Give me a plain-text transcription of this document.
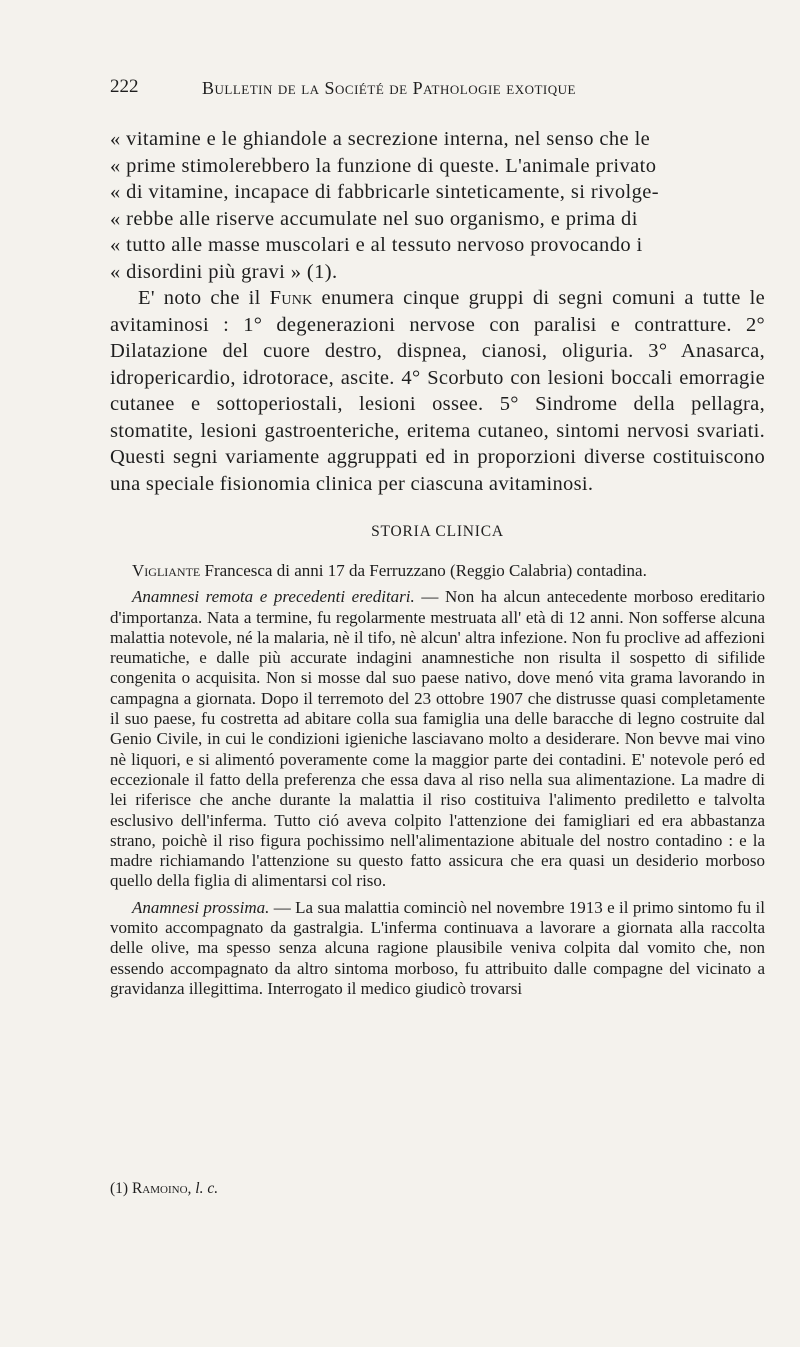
222	Bulletin de la Société de Pathologie exotique
« vitamine e le ghiandole a secrezione interna, nel senso che le
« prime stimolerebbero la funzione di queste. L'animale privato
« di vitamine, incapace di fabbricarle sinteticamente, si rivolge-
« rebbe alle riserve accumulate nel suo organismo, e prima di
« tutto alle masse muscolari e al tessuto nervoso provocando i
« disordini più gravi » (1).

E' noto che il Funk enumera cinque gruppi di segni comuni a tutte le avitaminosi : 1° degenerazioni nervose con paralisi e contratture. 2° Dilatazione del cuore destro, dispnea, cianosi, oliguria. 3° Anasarca, idropericardio, idrotorace, ascite. 4° Scorbuto con lesioni boccali emorragie cutanee e sottoperiostali, lesioni ossee. 5° Sindrome della pellagra, stomatite, lesioni gastroenteriche, eritema cutaneo, sintomi nervosi svariati. Questi segni variamente aggruppati ed in proporzioni diverse costituiscono una speciale fisionomia clinica per ciascuna avitaminosi.

STORIA CLINICA

Vigliante Francesca di anni 17 da Ferruzzano (Reggio Calabria) contadina.

Anamnesi remota e precedenti ereditari. — Non ha alcun antecedente morboso ereditario d'importanza. Nata a termine, fu regolarmente mestruata all' età di 12 anni. Non sofferse alcuna malattia notevole, né la malaria, nè il tifo, nè alcun' altra infezione. Non fu proclive ad affezioni reumatiche, e dalle più accurate indagini anamnestiche non risulta il sospetto di sifilide congenita o acquisita. Non si mosse dal suo paese nativo, dove menó vita grama lavorando in campagna a giornata. Dopo il terremoto del 23 ottobre 1907 che distrusse quasi completamente il suo paese, fu costretta ad abitare colla sua famiglia una delle baracche di legno costruite dal Genio Civile, in cui le condizioni igieniche lasciavano molto a desiderare. Non bevve mai vino nè liquori, e si alimentó poveramente come la maggior parte dei contadini. E' notevole peró ed eccezionale il fatto della preferenza che essa dava al riso nella sua alimentazione. La madre di lei riferisce che anche durante la malattia il riso costituiva l'alimento prediletto e talvolta esclusivo dell'inferma. Tutto ció aveva colpito l'attenzione dei famigliari ed era abbastanza strano, poichè il riso figura pochissimo nell'alimentazione abituale del nostro contadino : e la madre richiamando l'attenzione su questo fatto assicura che era quasi un desiderio morboso quello della figlia di alimentarsi col riso.

Anamnesi prossima. — La sua malattia cominciò nel novembre 1913 e il primo sintomo fu il vomito accompagnato da gastralgia. L'inferma continuava a lavorare a giornata alla raccolta delle olive, ma spesso senza alcuna ragione plausibile veniva colpita dal vomito che, non essendo accompagnato da altro sintoma morboso, fu attribuito dalle compagne del vicinato a gravidanza illegittima. Interrogato il medico giudicò trovarsi

(1) Ramoino, l. c.
